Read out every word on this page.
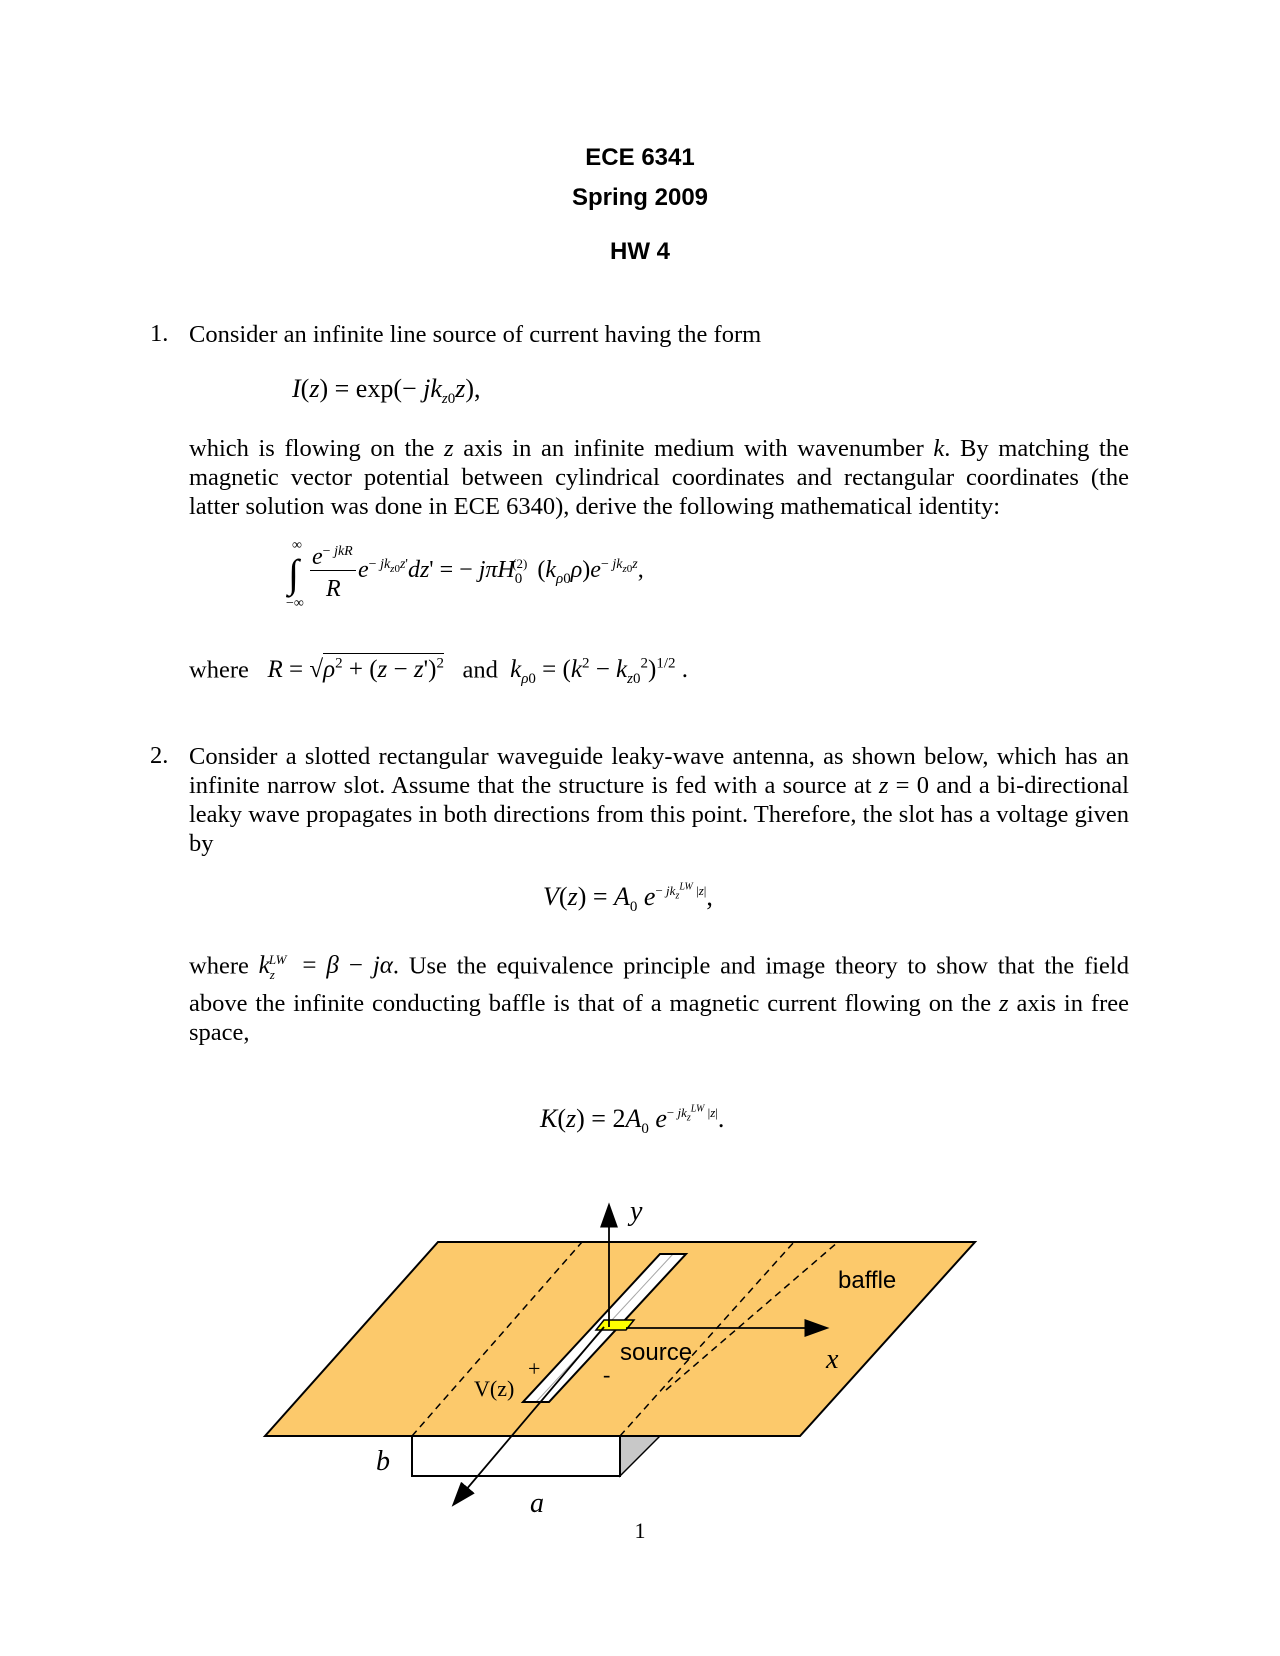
ECE 6341
Spring 2009
HW 4
1. Consider an infinite line source of current having the form
$I(z) = \exp(- jk_{z0}z)$,
which is flowing on the z axis in an infinite medium with wavenumber k. By matching the magnetic vector potential between cylindrical coordinates and rectangular coordinates (the latter solution was done in ECE 6340), derive the following mathematical identity:
∞
∫
−∞
$e^{- jkR}$
R
$e^{- jk_{z0}z'}dz'$ = − jπH$_0^{(2)}$ $(k_{\rho 0}\rho)e^{- jk_{z0}z}$,
where $R = √\rho^2 + (z - z')^2$ and $k_{\rho 0} = (k^2 - k_{z0}^2)^{1/2}$ .
2. Consider a slotted rectangular waveguide leaky-wave antenna, as shown below, which has an infinite narrow slot. Assume that the structure is fed with a source at z = 0 and a bi-directional leaky wave propagates in both directions from this point. Therefore, the slot has a voltage given by
$V(z) = A_0$ $e^{- jk_z^{LW} |z|}$,
where $k_z^{LW} = \beta - j\alpha$. Use the equivalence principle and image theory to show that the field above the infinite conducting baffle is that of a magnetic current flowing on the z axis in free space,
$K(z) = 2A_0$ $e^{- jk_z^{LW} |z|}$.
y
x
a
b
baffle
source
V(z)
+	-
1
